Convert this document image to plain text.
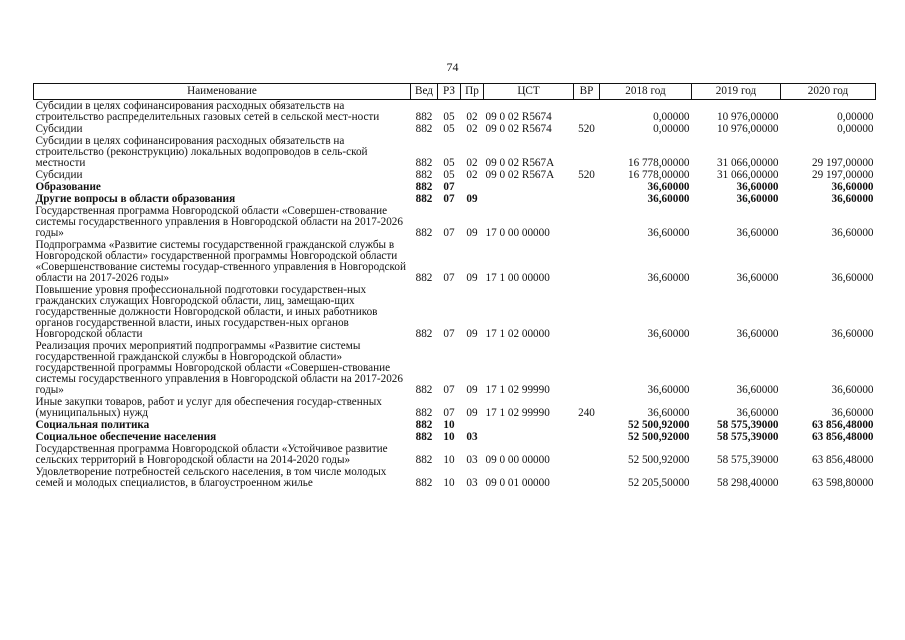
74
Наименование	Вед	РЗ	Пр	ЦСТ	ВР	2018 год	2019 год	2020 год
Субсидии в целях софинансирования расходных обязательств на строительство распределительных газовых сетей в сельской мест-ности	882	05	02	09 0 02 R5674		0,00000	10 976,00000	0,00000
Субсидии	882	05	02	09 0 02 R5674	520	0,00000	10 976,00000	0,00000
Субсидии в целях софинансирования расходных обязательств на строительство (реконструкцию) локальных водопроводов в сель-ской местности	882	05	02	09 0 02 R567A		16 778,00000	31 066,00000	29 197,00000
Субсидии	882	05	02	09 0 02 R567A	520	16 778,00000	31 066,00000	29 197,00000
Образование	882	07				36,60000	36,60000	36,60000
Другие вопросы в области образования	882	07	09			36,60000	36,60000	36,60000
Государственная программа Новгородской области «Совершен-ствование системы государственного управления в Новгородской области на 2017-2026 годы»	882	07	09	17 0 00 00000		36,60000	36,60000	36,60000
Подпрограмма «Развитие системы государственной гражданской службы в Новгородской области» государственной программы Новгородской области «Совершенствование системы государ-ственного управления в Новгородской области на 2017-2026 годы»	882	07	09	17 1 00 00000		36,60000	36,60000	36,60000
Повышение уровня профессиональной подготовки государствен-ных гражданских служащих Новгородской области, лиц, замещаю-щих государственные должности Новгородской области, и иных работников органов государственной власти, иных государствен-ных органов Новгородской области	882	07	09	17 1 02 00000		36,60000	36,60000	36,60000
Реализация прочих мероприятий подпрограммы «Развитие системы государственной гражданской службы в Новгородской области» государственной программы Новгородской области «Совершен-ствование системы государственного управления в Новгородской области на 2017-2026 годы»	882	07	09	17 1 02 99990		36,60000	36,60000	36,60000
Иные закупки товаров, работ и услуг для обеспечения государ-ственных (муниципальных) нужд	882	07	09	17 1 02 99990	240	36,60000	36,60000	36,60000
Социальная политика	882	10				52 500,92000	58 575,39000	63 856,48000
Социальное обеспечение населения	882	10	03			52 500,92000	58 575,39000	63 856,48000
Государственная программа Новгородской области «Устойчивое развитие сельских территорий в Новгородской области на 2014-2020 годы»	882	10	03	09 0 00 00000		52 500,92000	58 575,39000	63 856,48000
Удовлетворение потребностей сельского населения, в том числе молодых семей и молодых специалистов, в благоустроенном жилье	882	10	03	09 0 01 00000		52 205,50000	58 298,40000	63 598,80000
